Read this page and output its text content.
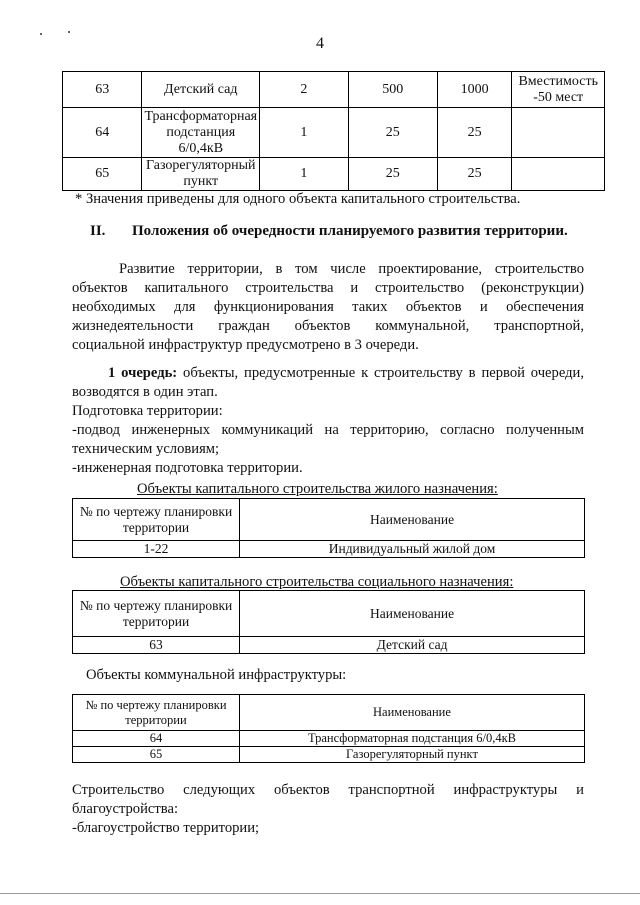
4
63	Детский сад	2	500	1000	Вместимость -50 мест
64	Трансформаторная подстанция 6/0,4кВ	1	25	25	
65	Газорегуляторный пункт	1	25	25	
* Значения приведены для одного объекта капитального строительства.
II. Положения об очередности планируемого развития территории.
Развитие территории, в том числе проектирование, строительство
объектов капитального строительства и строительство (реконструкции)
необходимых для функционирования таких объектов и обеспечения
жизнедеятельности граждан объектов коммунальной, транспортной,
социальной инфраструктур предусмотрено в 3 очереди.
1 очередь: объекты, предусмотренные к строительству в первой очереди,
возводятся в один этап.
Подготовка территории:
-подвод инженерных коммуникаций на территорию, согласно полученным
техническим условиям;
-инженерная подготовка территории.
Объекты капитального строительства жилого назначения:
№ по чертежу планировки территории	Наименование
1-22	Индивидуальный жилой дом
Объекты капитального строительства социального назначения:
№ по чертежу планировки территории	Наименование
63	Детский сад
Объекты коммунальной инфраструктуры:
№ по чертежу планировки территории	Наименование
64	Трансформаторная подстанция 6/0,4кВ
65	Газорегуляторный пункт
Строительство следующих объектов транспортной инфраструктуры и
благоустройства:
-благоустройство территории;
